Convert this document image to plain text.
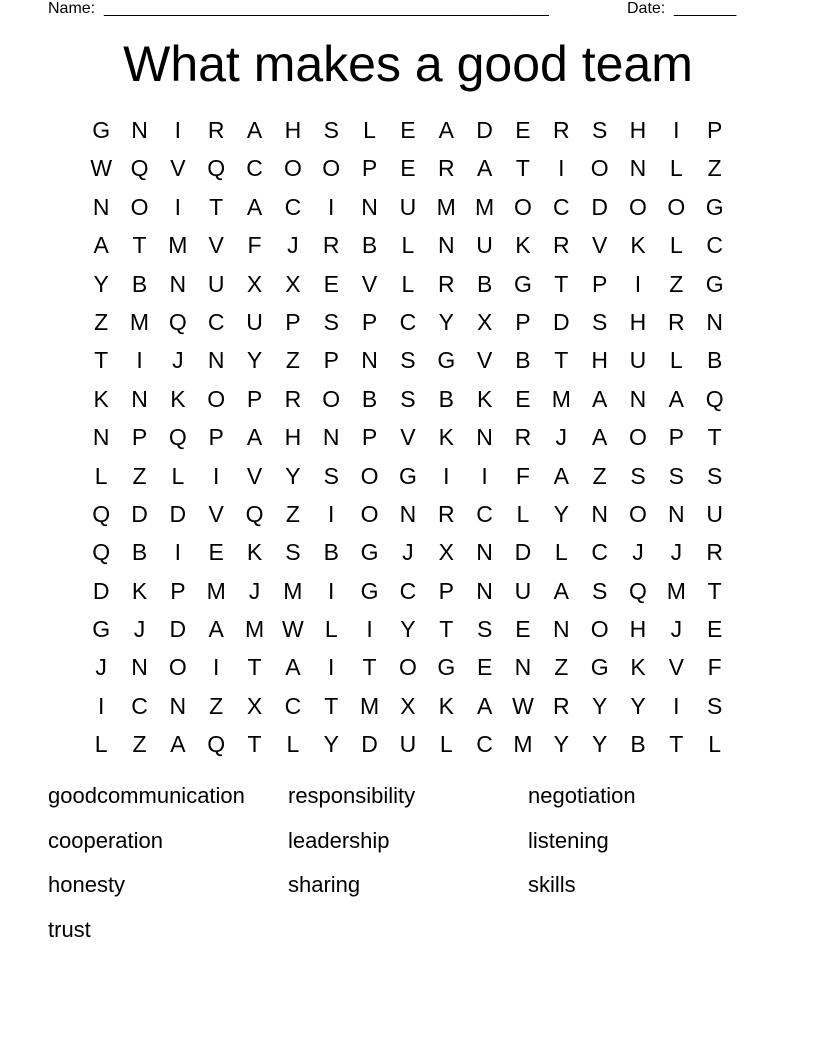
Name: __________________________________________________	Date: _______
What makes a good team
G N	I	R A H S	L	E	A D E R S H	I	P
W Q V Q C O O P	E R A	T	I	O N	L	Z
N O	I	T	A C	I	N U M M O C D O O G
A	T M V	F	J	R B	L	N U K R V	K	L	C
Y	B N U X	X	E	V	L	R B G T	P	I	Z G
Z M Q C U P	S	P C Y	X	P D S H R N
T	I	J	N Y	Z	P N S G V	B	T	H U	L	B
K N K O P R O B	S	B	K	E M A N A Q
N P Q P	A H N P	V	K N R	J	A O P	T
L	Z	L	I	V	Y	S O G	I	I	F	A	Z	S	S	S
Q D D V Q Z	I	O N R C	L	Y N O N U
Q B	I	E	K	S	B G	J	X N D	L	C	J	J	R
D K	P M	J	M	I	G C P N U A	S Q M T
G	J	D A M W L	I	Y	T	S	E N O H	J	E
J	N O	I	T	A	I	T O G E N	Z G K	V	F
I	C N	Z	X C	T M X	K	A W R Y	Y	I	S
L	Z	A Q T	L	Y D U	L	C M Y	Y	B	T	L
goodcommunication	responsibility	negotiation
cooperation	leadership	listening
honesty	sharing	skills
trust
